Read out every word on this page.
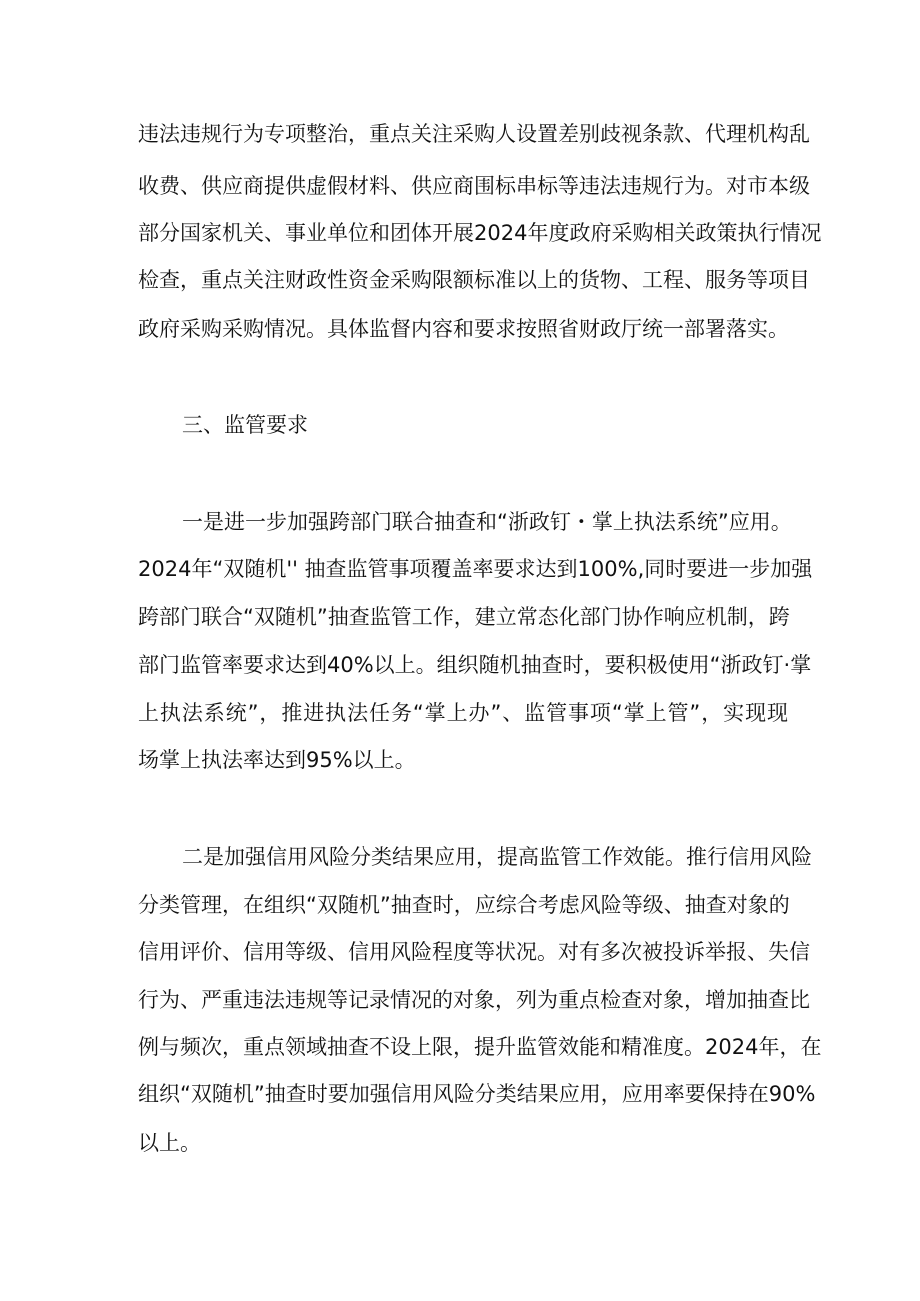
违法违规行为专项整治，重点关注采购人设置差别歧视条款、代理机构乱
收费、供应商提供虚假材料、供应商围标串标等违法违规行为。对市本级
部分国家机关、事业单位和团体开展2024年度政府采购相关政策执行情况
检查，重点关注财政性资金采购限额标准以上的货物、工程、服务等项目
政府采购采购情况。具体监督内容和要求按照省财政厅统一部署落实。
三、监管要求
一是进一步加强跨部门联合抽查和“浙政钉・掌上执法系统”应用。
2024年“双随机'' 抽查监管事项覆盖率要求达到100%,同时要进一步加强
跨部门联合“双随机”抽查监管工作，建立常态化部门协作响应机制，跨
部门监管率要求达到40%以上。组织随机抽查时，要积极使用“浙政钉·掌
上执法系统”，推进执法任务“掌上办”、监管事项“掌上管”，实现现
场掌上执法率达到95%以上。
二是加强信用风险分类结果应用，提高监管工作效能。推行信用风险
分类管理，在组织“双随机”抽查时，应综合考虑风险等级、抽查对象的
信用评价、信用等级、信用风险程度等状况。对有多次被投诉举报、失信
行为、严重违法违规等记录情况的对象，列为重点检查对象，增加抽查比
例与频次，重点领域抽查不设上限，提升监管效能和精准度。2024年，在
组织“双随机”抽查时要加强信用风险分类结果应用，应用率要保持在90%
以上。
